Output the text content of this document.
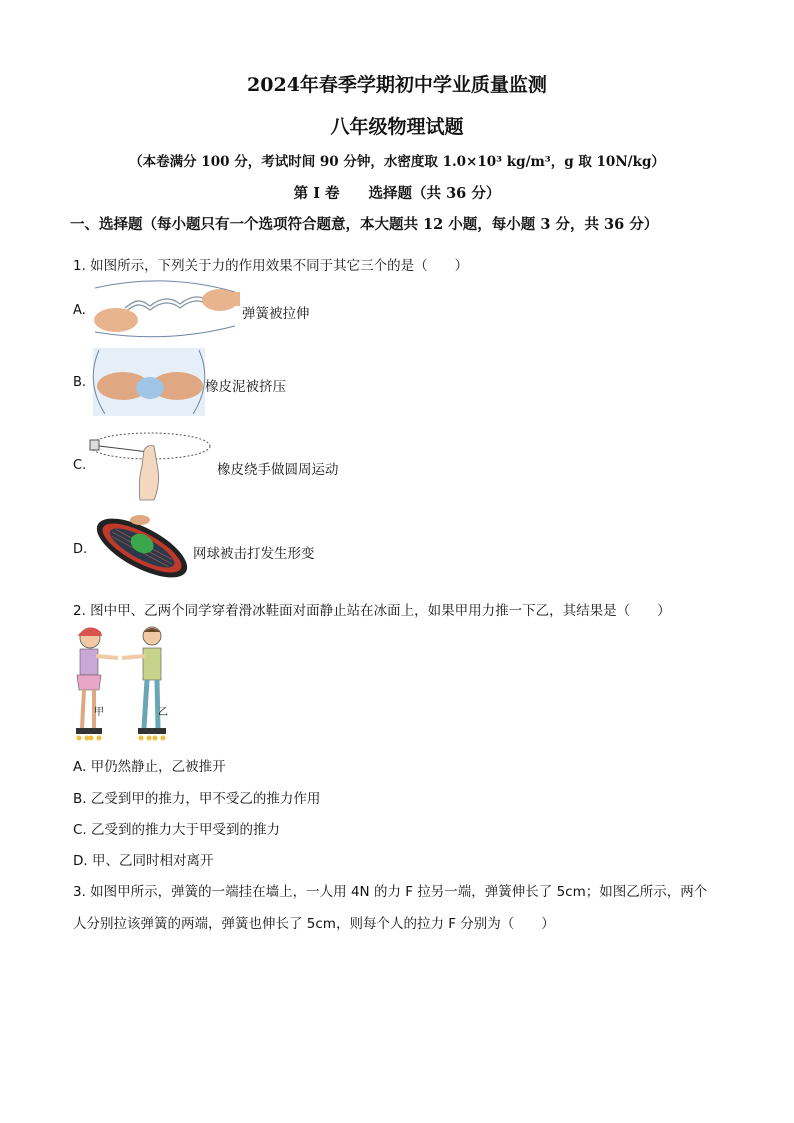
2024年春季学期初中学业质量监测
八年级物理试题
（本卷满分 100 分，考试时间 90 分钟，水密度取 1.0×10³ kg/m³，g 取 10N/kg）
第 I 卷　　选择题（共 36 分）
一、选择题（每小题只有一个选项符合题意，本大题共 12 小题，每小题 3 分，共 36 分）
1. 如图所示，下列关于力的作用效果不同于其它三个的是（　　）
A.	弹簧被拉伸
B.	橡皮泥被挤压
C.	橡皮绕手做圆周运动
D.	网球被击打发生形变
2. 图中甲、乙两个同学穿着滑冰鞋面对面静止站在冰面上，如果甲用力推一下乙，其结果是（　　）
甲	乙
A. 甲仍然静止，乙被推开
B. 乙受到甲的推力，甲不受乙的推力作用
C. 乙受到的推力大于甲受到的推力
D. 甲、乙同时相对离开
3. 如图甲所示，弹簧的一端挂在墙上，一人用 4N 的力 F 拉另一端，弹簧伸长了 5cm；如图乙所示，两个
人分别拉该弹簧的两端，弹簧也伸长了 5cm，则每个人的拉力 F 分别为（　　）
